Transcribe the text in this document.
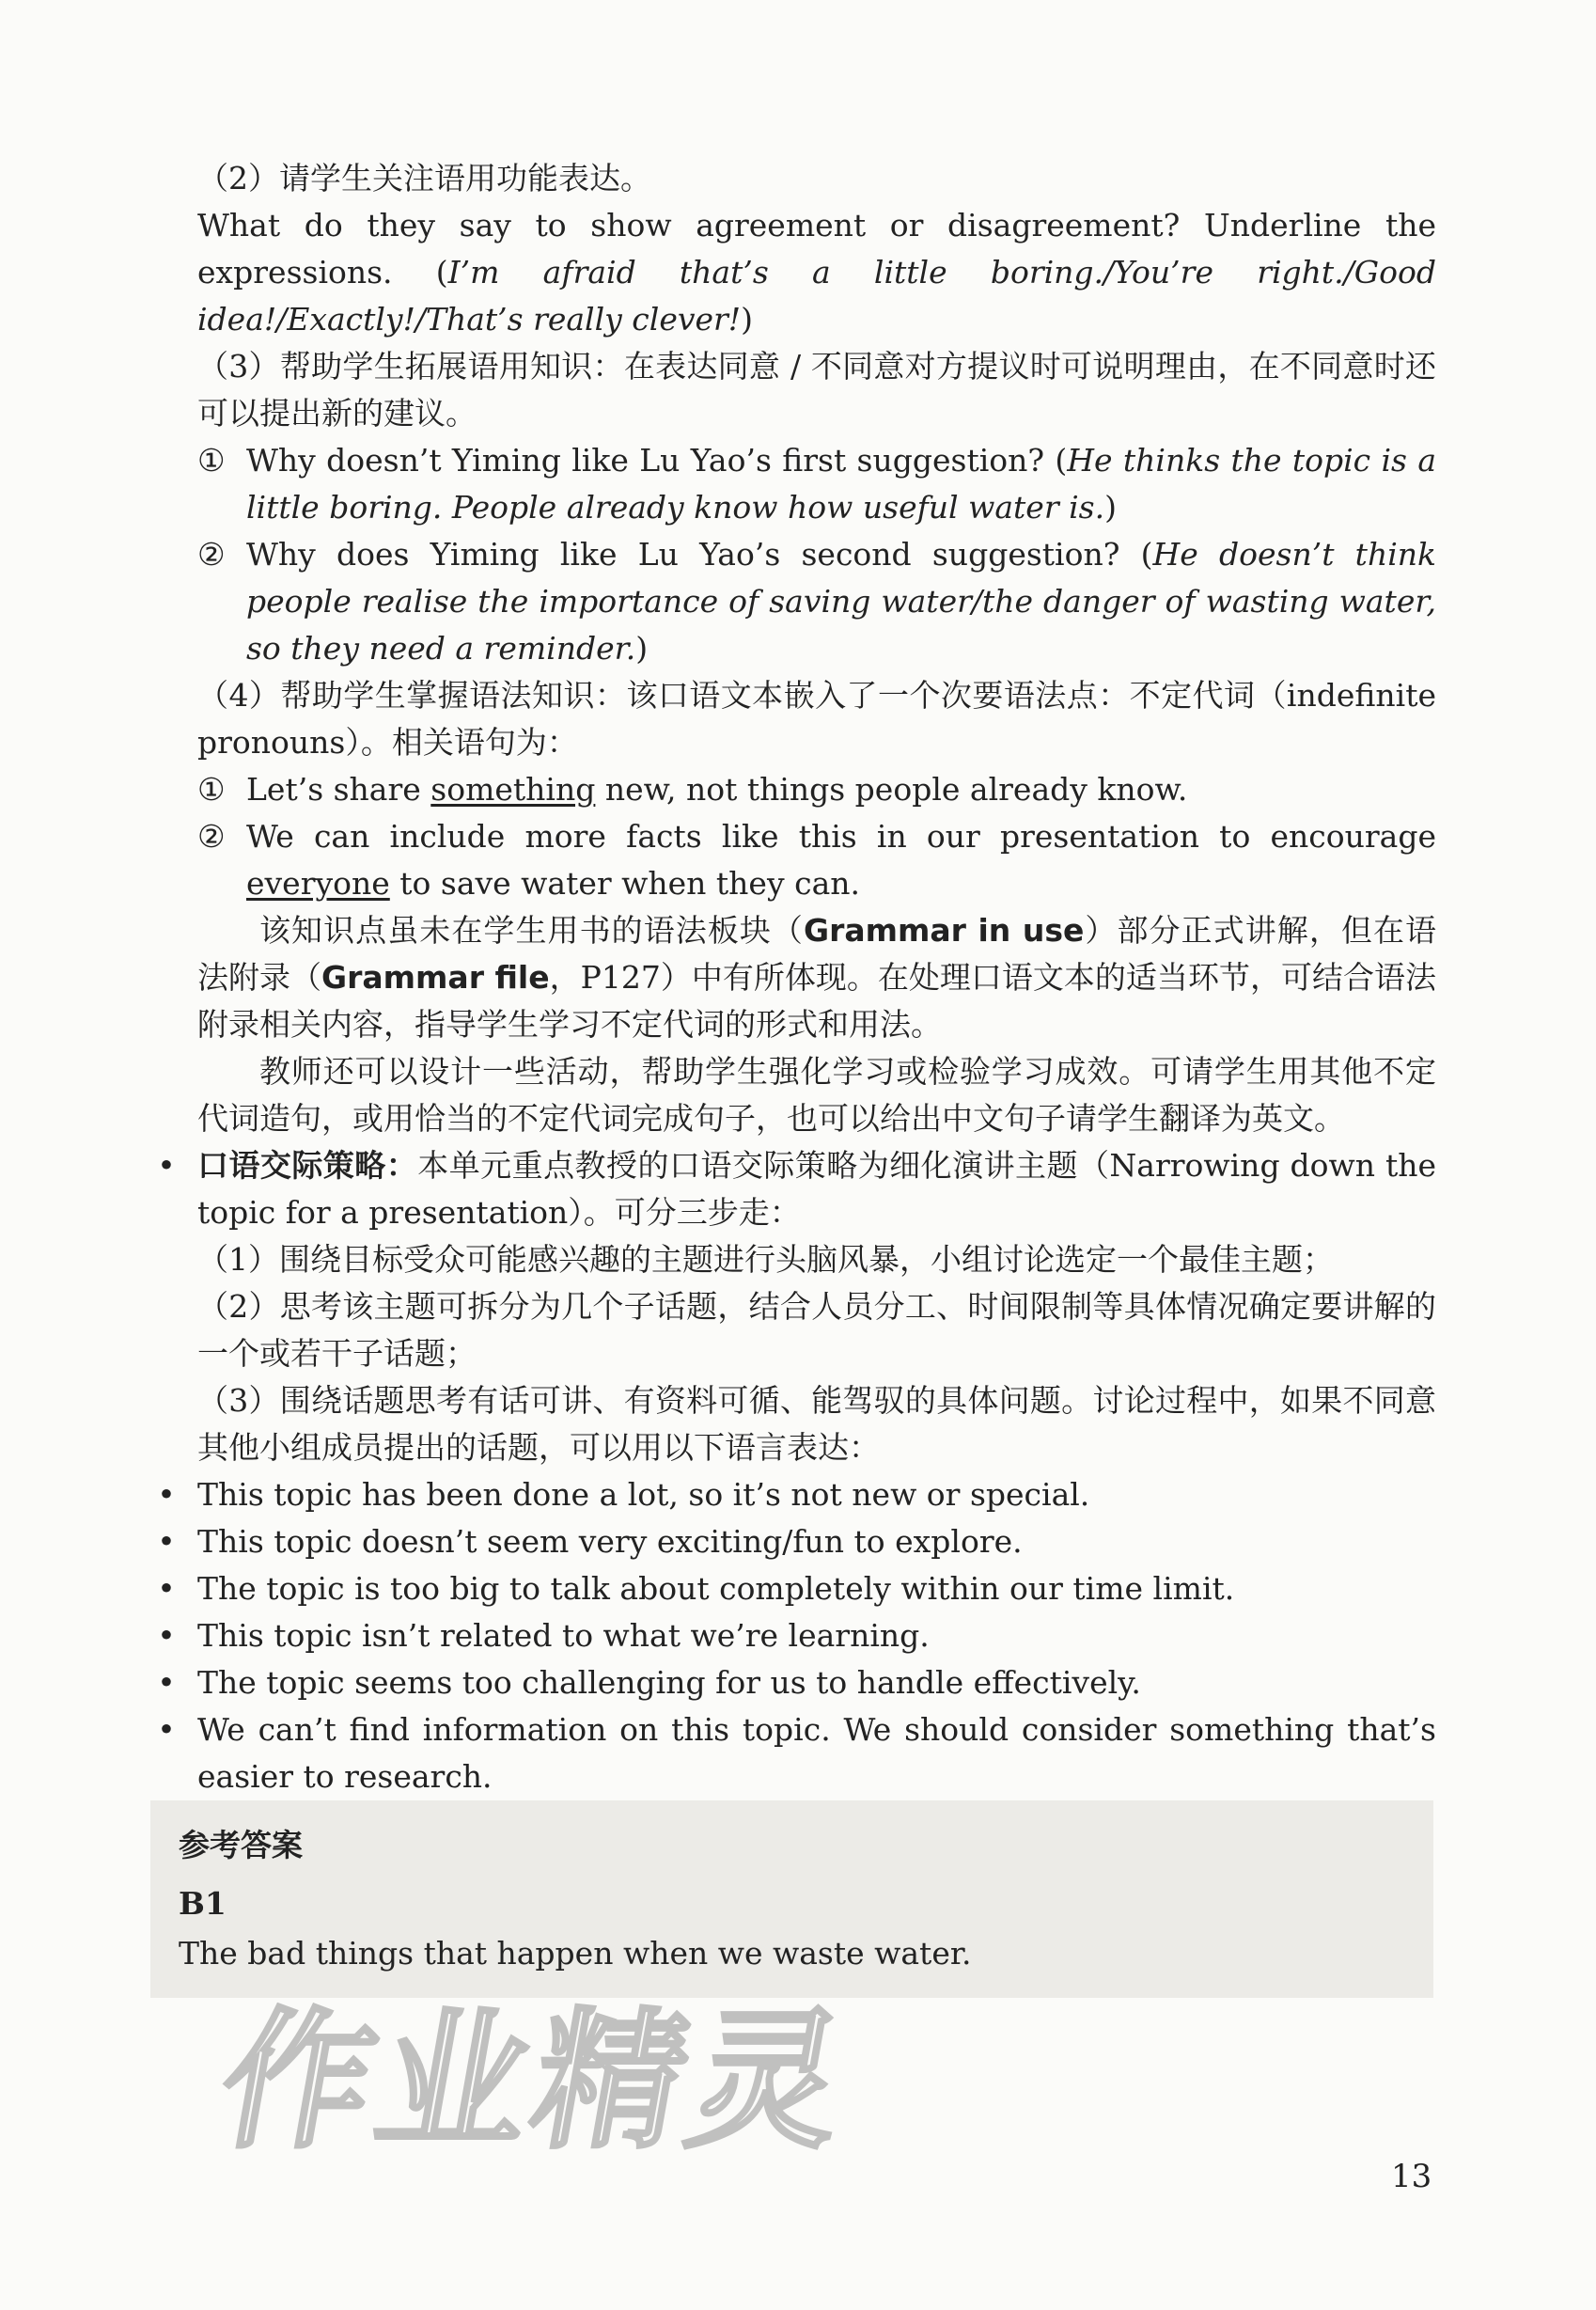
（2）请学生关注语用功能表达。

What do they say to show agreement or disagreement? Underline the expressions. (I’m afraid that’s a little boring./You’re right./Good idea!/Exactly!/That’s really clever!)

（3）帮助学生拓展语用知识：在表达同意 / 不同意对方提议时可说明理由，在不同意时还可以提出新的建议。

① Why doesn’t Yiming like Lu Yao’s first suggestion? (He thinks the topic is a little boring. People already know how useful water is.)
② Why does Yiming like Lu Yao’s second suggestion? (He doesn’t think people realise the importance of saving water/the danger of wasting water, so they need a reminder.)

（4）帮助学生掌握语法知识：该口语文本嵌入了一个次要语法点：不定代词（indefinite pronouns）。相关语句为：

① Let’s share something new, not things people already know.
② We can include more facts like this in our presentation to encourage everyone to save water when they can.

该知识点虽未在学生用书的语法板块（Grammar in use）部分正式讲解，但在语法附录（Grammar file，P127）中有所体现。在处理口语文本的适当环节，可结合语法附录相关内容，指导学生学习不定代词的形式和用法。

教师还可以设计一些活动，帮助学生强化学习或检验学习成效。可请学生用其他不定代词造句，或用恰当的不定代词完成句子，也可以给出中文句子请学生翻译为英文。

• 口语交际策略：本单元重点教授的口语交际策略为细化演讲主题（Narrowing down the topic for a presentation）。可分三步走：

（1）围绕目标受众可能感兴趣的主题进行头脑风暴，小组讨论选定一个最佳主题；

（2）思考该主题可拆分为几个子话题，结合人员分工、时间限制等具体情况确定要讲解的一个或若干子话题；

（3）围绕话题思考有话可讲、有资料可循、能驾驭的具体问题。讨论过程中，如果不同意其他小组成员提出的话题，可以用以下语言表达：

• This topic has been done a lot, so it’s not new or special.
• This topic doesn’t seem very exciting/fun to explore.
• The topic is too big to talk about completely within our time limit.
• This topic isn’t related to what we’re learning.
• The topic seems too challenging for us to handle effectively.
• We can’t find information on this topic. We should consider something that’s easier to research.
参考答案
B1
The bad things that happen when we waste water.
作业精灵
13
